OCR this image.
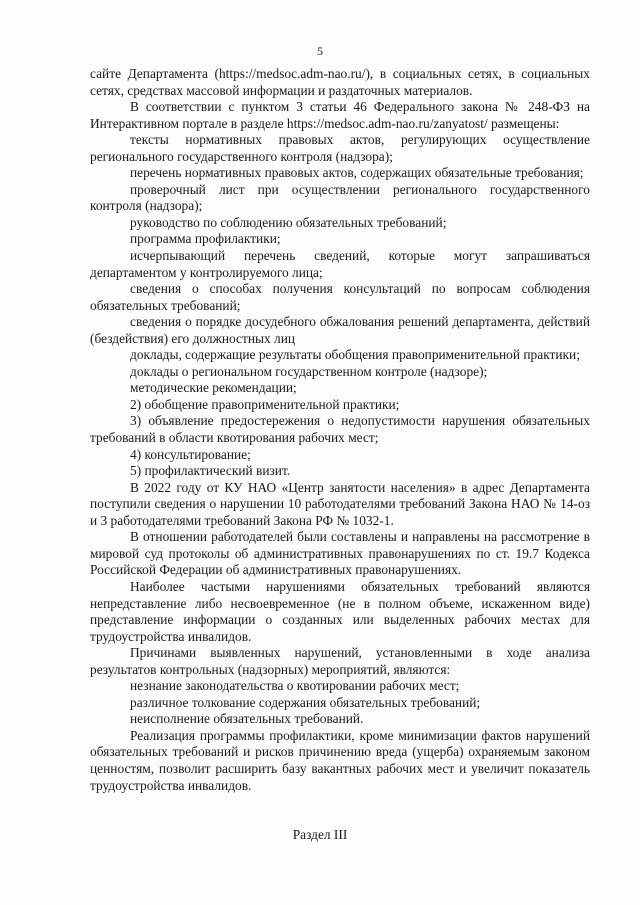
5

сайте Департамента (https://medsoc.adm-nao.ru/), в социальных сетях, в социальных сетях, средствах массовой информации и раздаточных материалов.

В соответствии с пунктом 3 статьи 46 Федерального закона № 248-ФЗ на Интерактивном портале в разделе https://medsoc.adm-nao.ru/zanyatost/ размещены:

тексты нормативных правовых актов, регулирующих осуществление регионального государственного контроля (надзора);

перечень нормативных правовых актов, содержащих обязательные требования;

проверочный лист при осуществлении регионального государственного контроля (надзора);

руководство по соблюдению обязательных требований;

программа профилактики;

исчерпывающий перечень сведений, которые могут запрашиваться департаментом у контролируемого лица;

сведения о способах получения консультаций по вопросам соблюдения обязательных требований;

сведения о порядке досудебного обжалования решений департамента, действий (бездействия) его должностных лиц

доклады, содержащие результаты обобщения правоприменительной практики;

доклады о региональном государственном контроле (надзоре);

методические рекомендации;

2) обобщение правоприменительной практики;

3) объявление предостережения о недопустимости нарушения обязательных требований в области квотирования рабочих мест;

4) консультирование;

5) профилактический визит.

В 2022 году от КУ НАО «Центр занятости населения» в адрес Департамента поступили сведения о нарушении 10 работодателями требований Закона НАО № 14-оз и 3 работодателями требований Закона РФ № 1032-1.

В отношении работодателей были составлены и направлены на рассмотрение в мировой суд протоколы об административных правонарушениях по ст. 19.7 Кодекса Российской Федерации об административных правонарушениях.

Наиболее частыми нарушениями обязательных требований являются непредставление либо несвоевременное (не в полном объеме, искаженном виде) представление информации о созданных или выделенных рабочих местах для трудоустройства инвалидов.

Причинами выявленных нарушений, установленными в ходе анализа результатов контрольных (надзорных) мероприятий, являются:

незнание законодательства о квотировании рабочих мест;

различное толкование содержания обязательных требований;

неисполнение обязательных требований.

Реализация программы профилактики, кроме минимизации фактов нарушений обязательных требований и рисков причинению вреда (ущерба) охраняемым законом ценностям, позволит расширить базу вакантных рабочих мест и увеличит показатель трудоустройства инвалидов.

Раздел III
